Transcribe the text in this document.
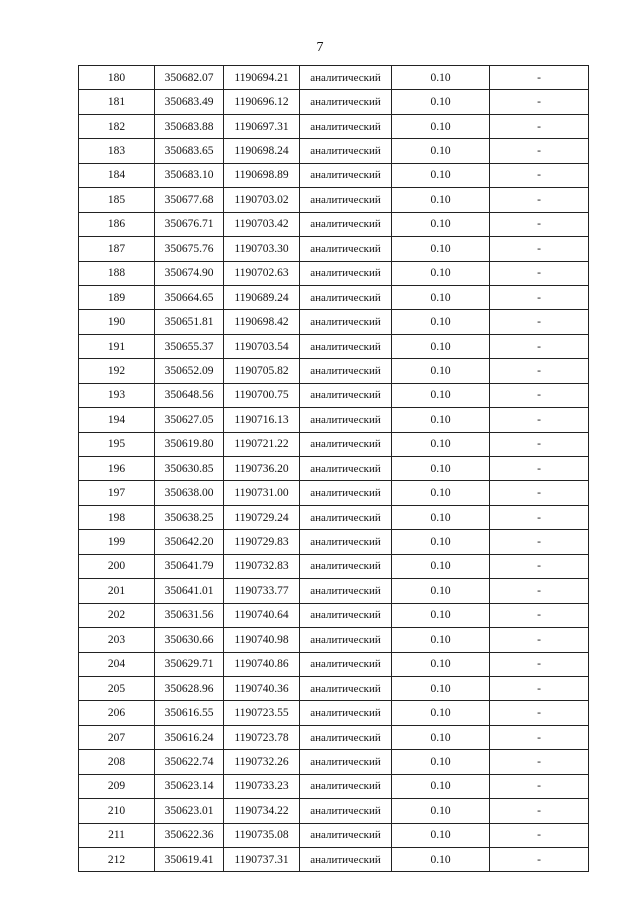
7
180	350682.07	1190694.21	аналитический	0.10	-
181	350683.49	1190696.12	аналитический	0.10	-
182	350683.88	1190697.31	аналитический	0.10	-
183	350683.65	1190698.24	аналитический	0.10	-
184	350683.10	1190698.89	аналитический	0.10	-
185	350677.68	1190703.02	аналитический	0.10	-
186	350676.71	1190703.42	аналитический	0.10	-
187	350675.76	1190703.30	аналитический	0.10	-
188	350674.90	1190702.63	аналитический	0.10	-
189	350664.65	1190689.24	аналитический	0.10	-
190	350651.81	1190698.42	аналитический	0.10	-
191	350655.37	1190703.54	аналитический	0.10	-
192	350652.09	1190705.82	аналитический	0.10	-
193	350648.56	1190700.75	аналитический	0.10	-
194	350627.05	1190716.13	аналитический	0.10	-
195	350619.80	1190721.22	аналитический	0.10	-
196	350630.85	1190736.20	аналитический	0.10	-
197	350638.00	1190731.00	аналитический	0.10	-
198	350638.25	1190729.24	аналитический	0.10	-
199	350642.20	1190729.83	аналитический	0.10	-
200	350641.79	1190732.83	аналитический	0.10	-
201	350641.01	1190733.77	аналитический	0.10	-
202	350631.56	1190740.64	аналитический	0.10	-
203	350630.66	1190740.98	аналитический	0.10	-
204	350629.71	1190740.86	аналитический	0.10	-
205	350628.96	1190740.36	аналитический	0.10	-
206	350616.55	1190723.55	аналитический	0.10	-
207	350616.24	1190723.78	аналитический	0.10	-
208	350622.74	1190732.26	аналитический	0.10	-
209	350623.14	1190733.23	аналитический	0.10	-
210	350623.01	1190734.22	аналитический	0.10	-
211	350622.36	1190735.08	аналитический	0.10	-
212	350619.41	1190737.31	аналитический	0.10	-
